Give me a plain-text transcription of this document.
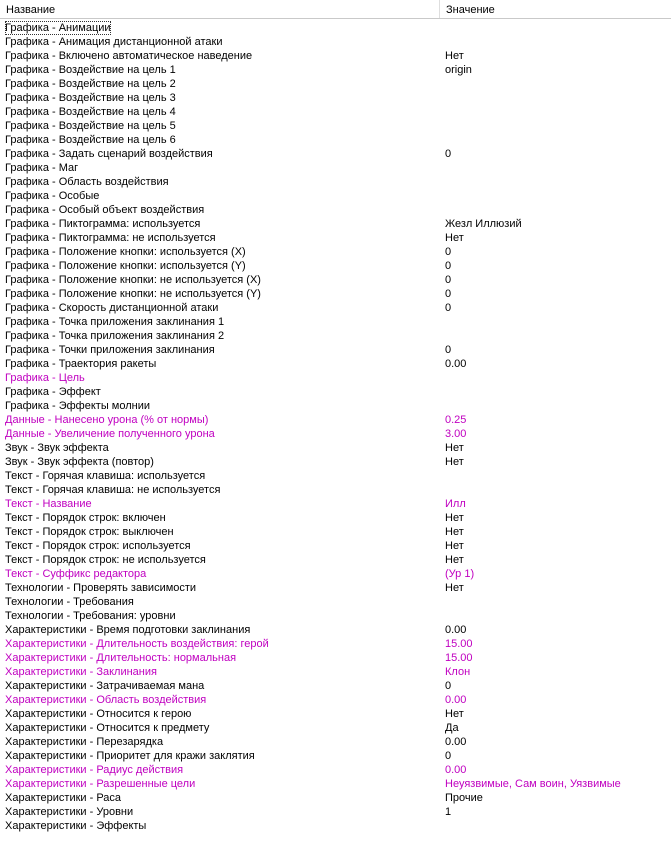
Название	Значение
Графика - Анимации
Графика - Анимация дистанционной атаки
Графика - Включено автоматическое наведение	Нет
Графика - Воздействие на цель 1	origin
Графика - Воздействие на цель 2
Графика - Воздействие на цель 3
Графика - Воздействие на цель 4
Графика - Воздействие на цель 5
Графика - Воздействие на цель 6
Графика - Задать сценарий воздействия	0
Графика - Маг
Графика - Область воздействия
Графика - Особые
Графика - Особый объект воздействия
Графика - Пиктограмма: используется	Жезл Иллюзий
Графика - Пиктограмма: не используется	Нет
Графика - Положение кнопки: используется (X)	0
Графика - Положение кнопки: используется (Y)	0
Графика - Положение кнопки: не используется (X)	0
Графика - Положение кнопки: не используется (Y)	0
Графика - Скорость дистанционной атаки	0
Графика - Точка приложения заклинания 1
Графика - Точка приложения заклинания 2
Графика - Точки приложения заклинания	0
Графика - Траектория ракеты	0.00
Графика - Цель
Графика - Эффект
Графика - Эффекты молнии
Данные - Нанесено урона (% от нормы)	0.25
Данные - Увеличение полученного урона	3.00
Звук - Звук эффекта	Нет
Звук - Звук эффекта (повтор)	Нет
Текст - Горячая клавиша: используется
Текст - Горячая клавиша: не используется
Текст - Название	Илл
Текст - Порядок строк: включен	Нет
Текст - Порядок строк: выключен	Нет
Текст - Порядок строк: используется	Нет
Текст - Порядок строк: не используется	Нет
Текст - Суффикс редактора	(Ур 1)
Технологии - Проверять зависимости	Нет
Технологии - Требования
Технологии - Требования: уровни
Характеристики - Время подготовки заклинания	0.00
Характеристики - Длительность воздействия: герой	15.00
Характеристики - Длительность: нормальная	15.00
Характеристики - Заклинания	Клон
Характеристики - Затрачиваемая мана	0
Характеристики - Область воздействия	0.00
Характеристики - Относится к герою	Нет
Характеристики - Относится к предмету	Да
Характеристики - Перезарядка	0.00
Характеристики - Приоритет для кражи заклятия	0
Характеристики - Радиус действия	0.00
Характеристики - Разрешенные цели	Неуязвимые, Сам воин, Уязвимые
Характеристики - Раса	Прочие
Характеристики - Уровни	1
Характеристики - Эффекты
